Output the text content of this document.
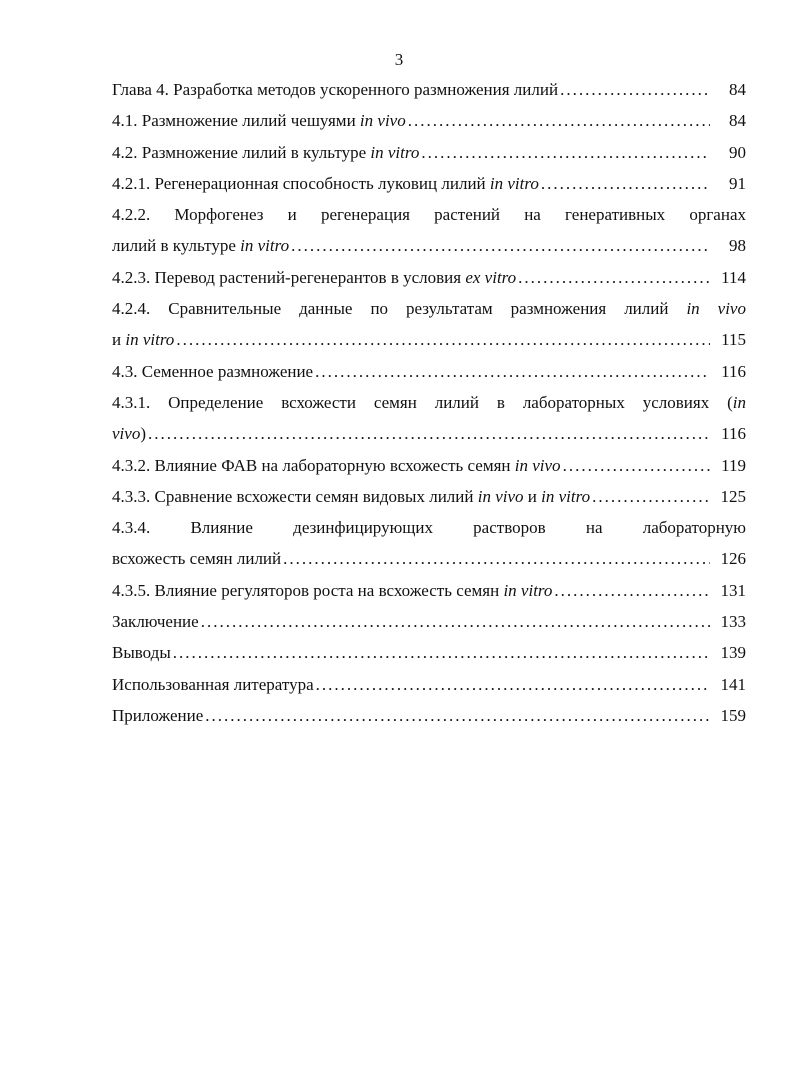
3
Глава 4. Разработка методов ускоренного размножения лилий .....	84
4.1. Размножение лилий чешуями in vivo .....	84
4.2. Размножение лилий в культуре in vitro .....	90
4.2.1. Регенерационная способность луковиц лилий in vitro .....	91
4.2.2. Морфогенез и регенерация растений на генеративных органах
лилий в культуре in vitro .....	98
4.2.3. Перевод растений-регенерантов в условия ex vitro .....	114
4.2.4. Сравнительные данные по результатам размножения лилий in vivo
и in vitro .....	115
4.3. Семенное размножение .....	116
4.3.1. Определение всхожести семян лилий в лабораторных условиях (in
vivo) .....	116
4.3.2. Влияние ФАВ на лабораторную всхожесть семян in vivo .....	119
4.3.3. Сравнение всхожести семян видовых лилий in vivo и in vitro .....	125
4.3.4. Влияние дезинфицирующих растворов на лабораторную
всхожесть семян лилий .....	126
4.3.5. Влияние регуляторов роста на всхожесть семян in vitro .....	131
Заключение .....	133
Выводы .....	139
Использованная литература .....	141
Приложение .....	159
